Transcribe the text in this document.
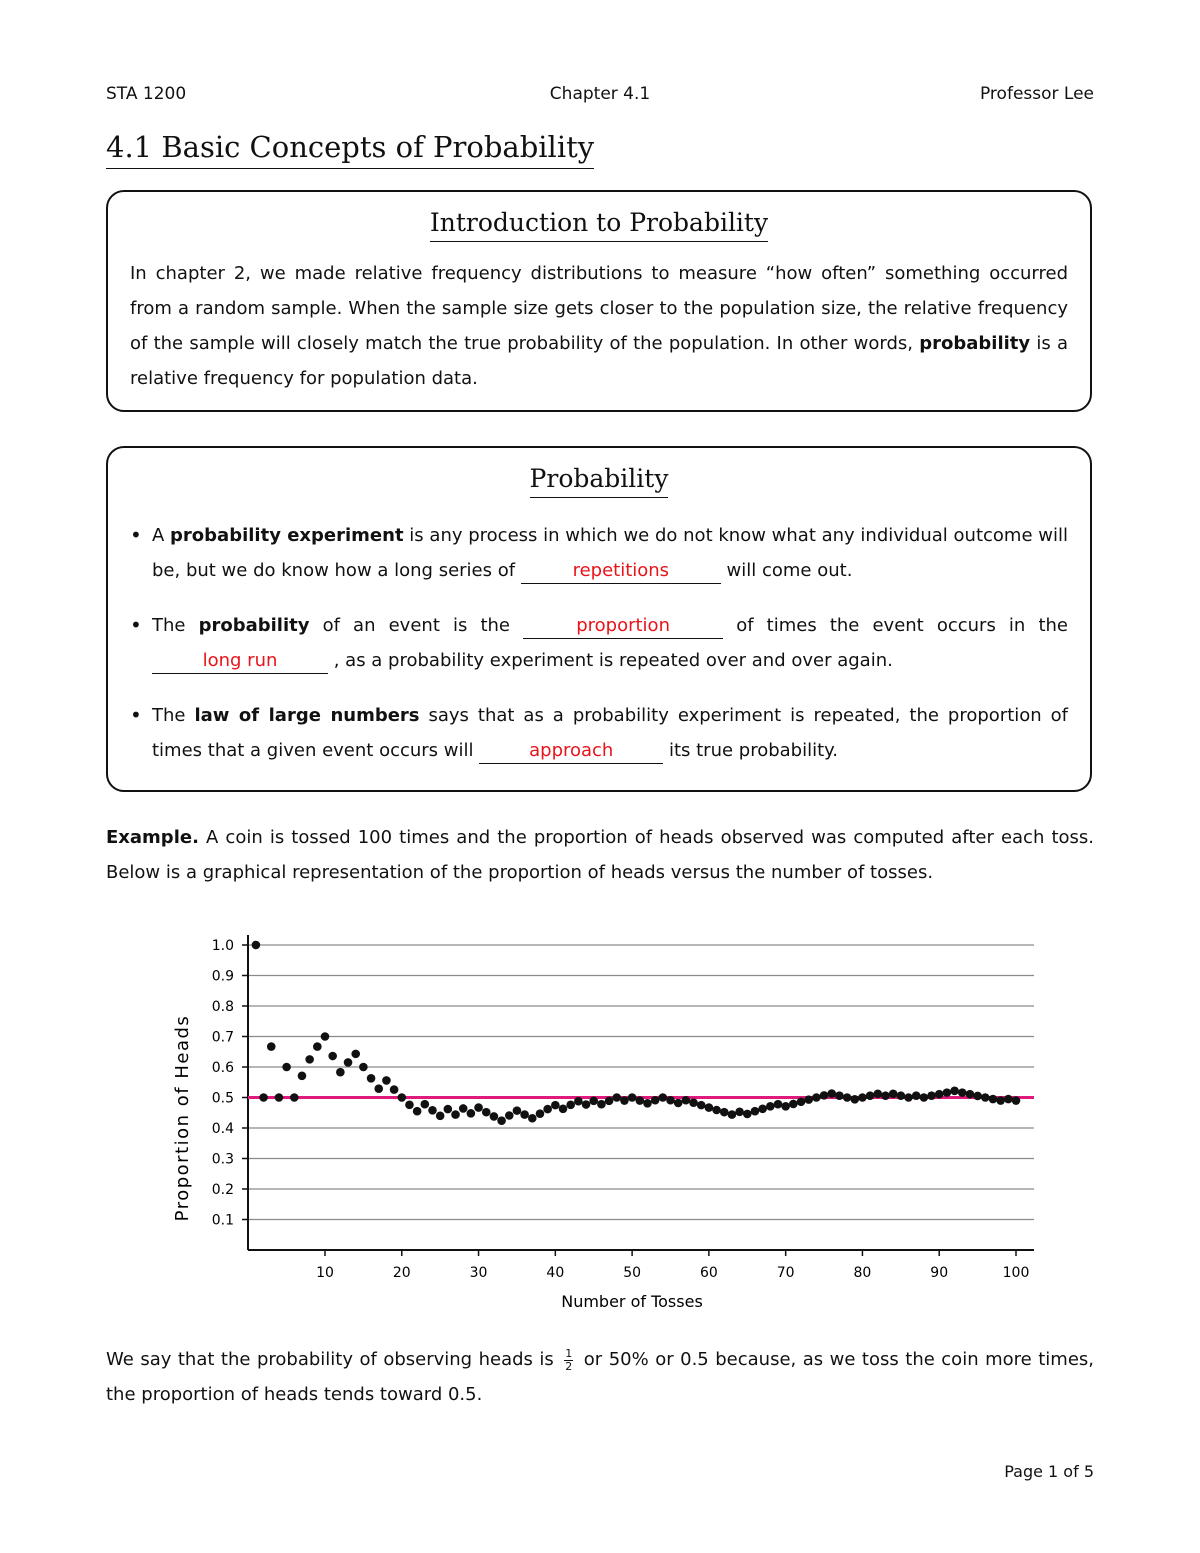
STA 1200	Chapter 4.1	Professor Lee
4.1 Basic Concepts of Probability
Introduction to Probability
In chapter 2, we made relative frequency distributions to measure “how often” something occurred from a random sample. When the sample size gets closer to the population size, the relative frequency of the sample will closely match the true probability of the population. In other words, probability is a relative frequency for population data.
Probability
• A probability experiment is any process in which we do not know what any individual outcome will be, but we do know how a long series of	repetitions	will come out.
• The probability of an event is the	proportion	of times the event occurs in the long run	, as a probability experiment is repeated over and over again.
• The law of large numbers says that as a probability experiment is repeated, the proportion of times that a given event occurs will	approach	its true probability.
Example. A coin is tossed 100 times and the proportion of heads observed was computed after each toss. Below is a graphical representation of the proportion of heads versus the number of tosses.
0.1
0.2
0.3
0.4
0.5
0.6
0.7
0.8
0.9
1.0
10	20	30	40	50	60	70	80	90	100
Proportion of Heads
Number of Tosses
We say that the probability of observing heads is $\frac{1}{2}$ or 50% or 0.5 because, as we toss the coin more times, the proportion of heads tends toward 0.5.
Page 1 of 5
